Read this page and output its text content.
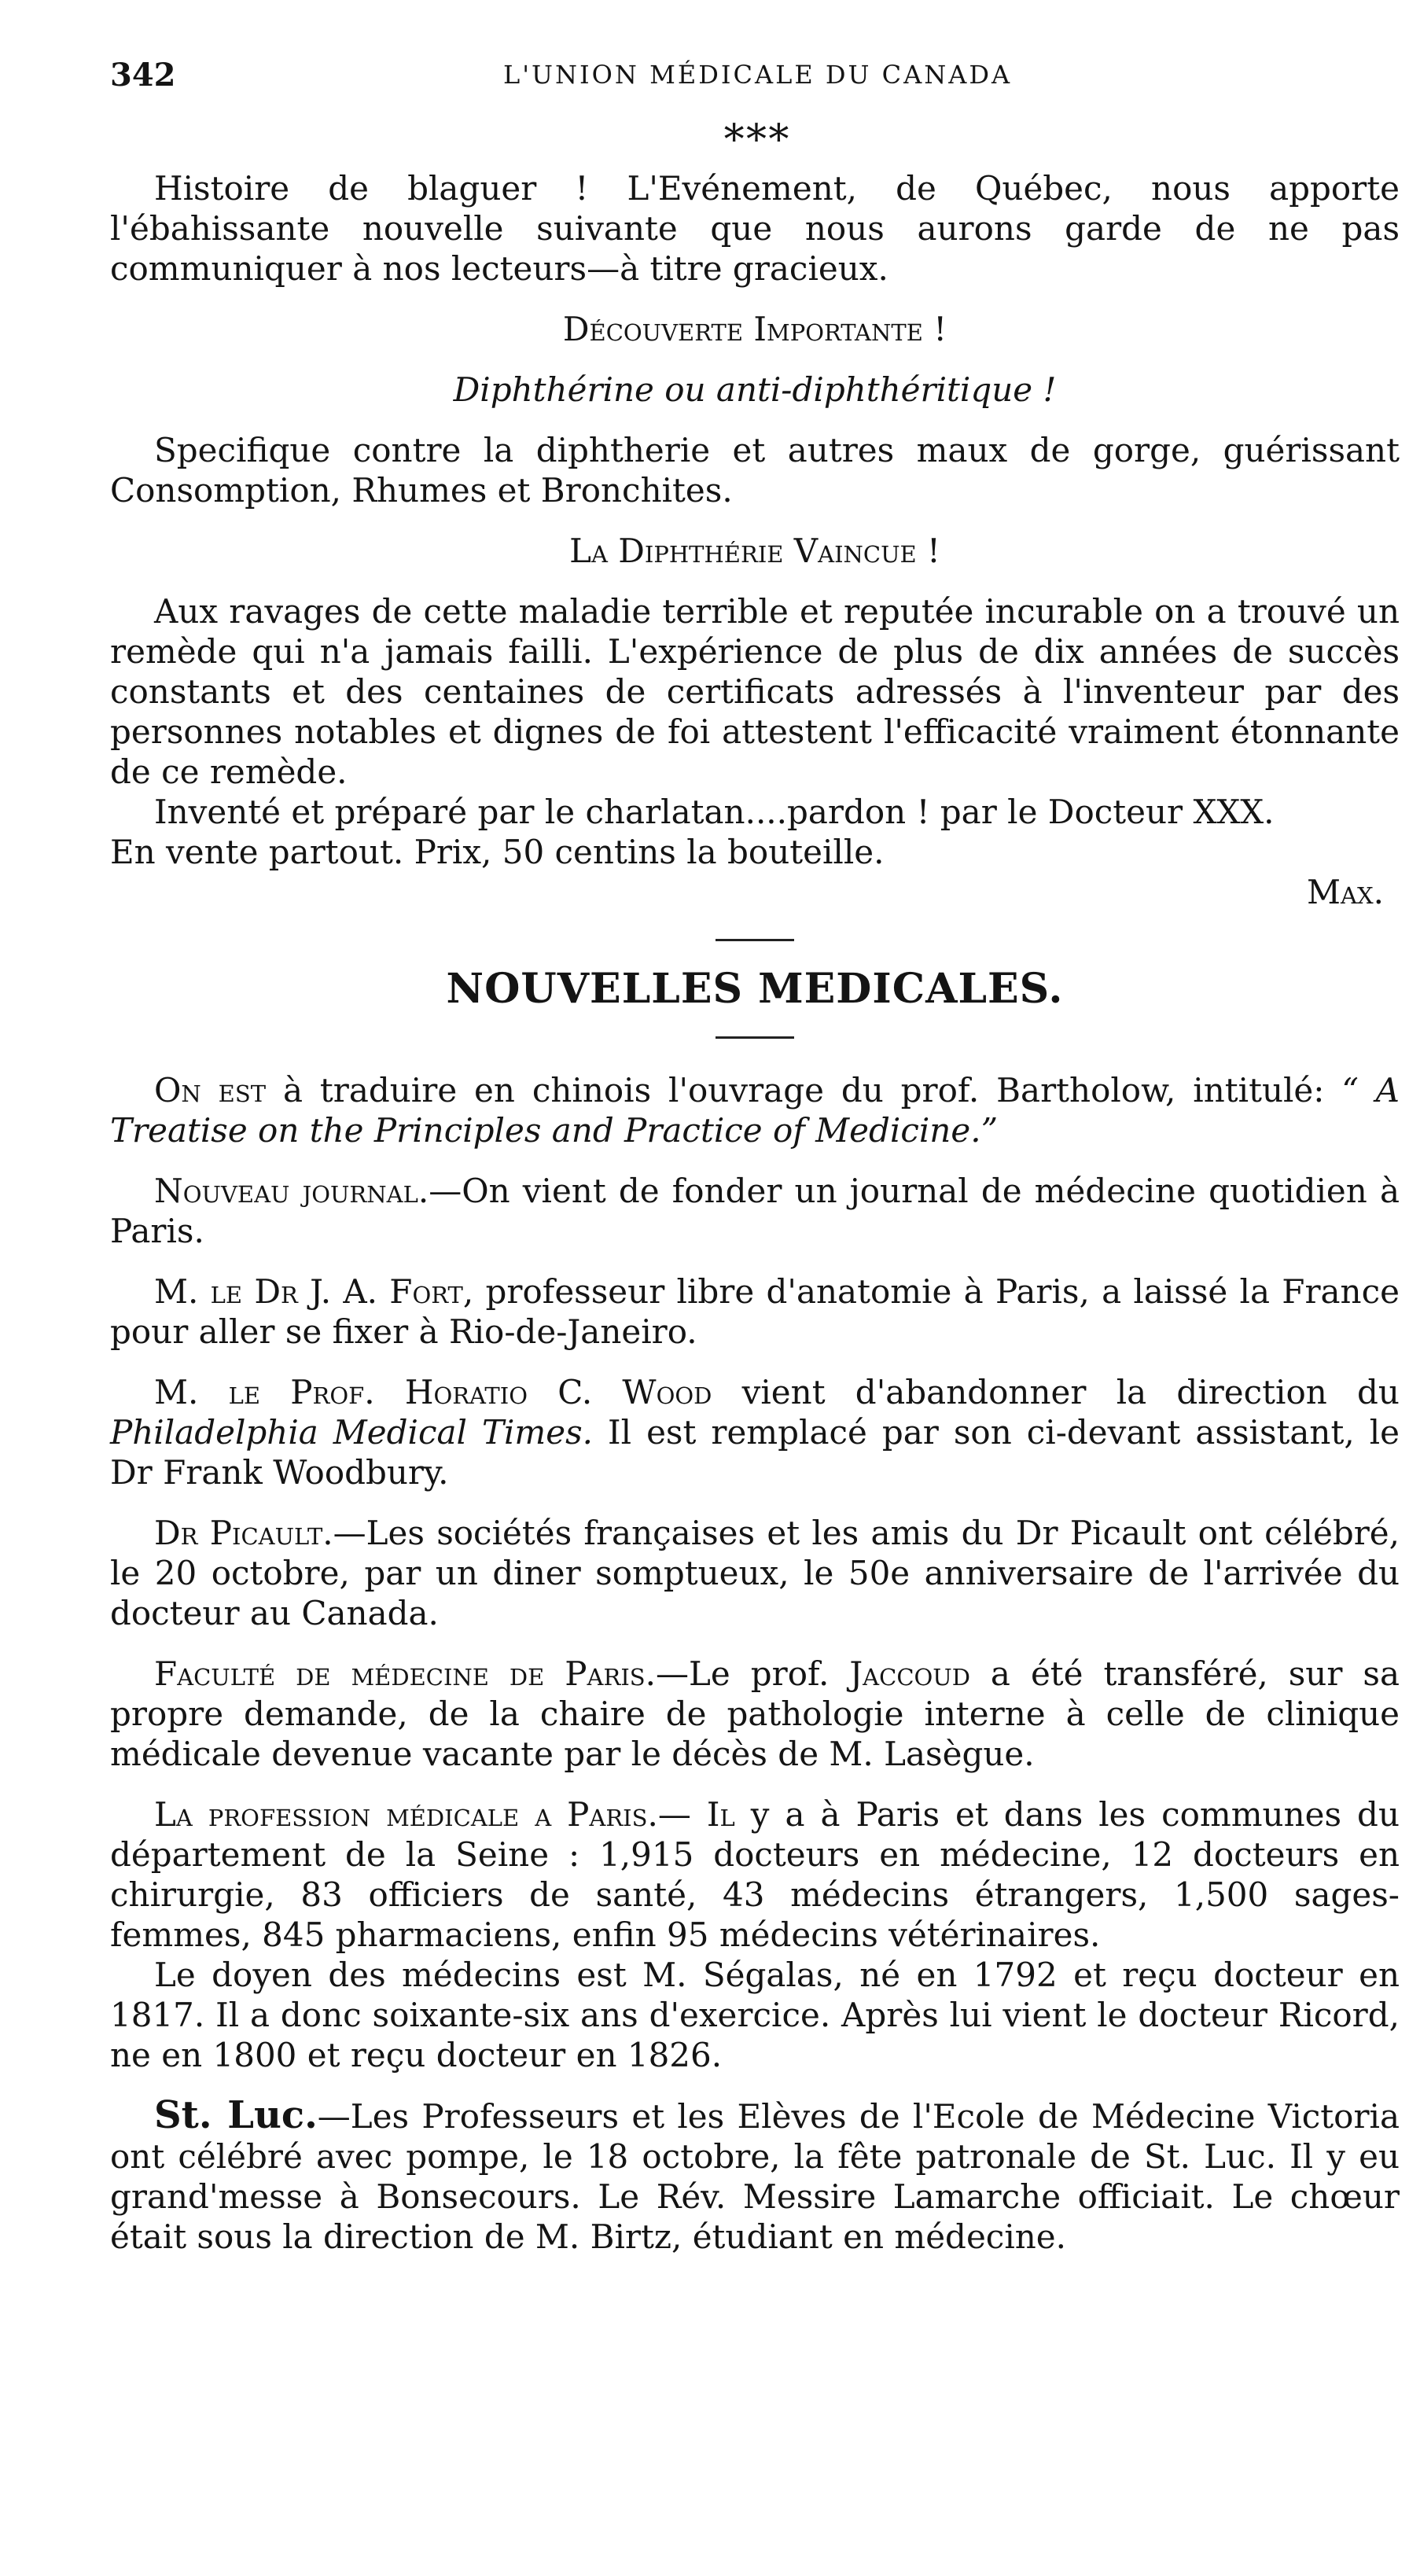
342	L'UNION MÉDICALE DU CANADA
* * *

Histoire de blaguer ! L'Evénement, de Québec, nous apporte l'ébahissante nouvelle suivante que nous aurons garde de ne pas communiquer à nos lecteurs—à titre gracieux.

Découverte Importante !

Diphthérine ou anti-diphthéritique !

Specifique contre la diphtherie et autres maux de gorge, guérissant Consomption, Rhumes et Bronchites.

La Diphthérie Vaincue !

Aux ravages de cette maladie terrible et reputée incurable on a trouvé un remède qui n'a jamais failli. L'expérience de plus de dix années de succès constants et des centaines de certificats adressés à l'inventeur par des personnes notables et dignes de foi attestent l'efficacité vraiment étonnante de ce remède.

Inventé et préparé par le charlatan....pardon ! par le Docteur XXX.

En vente partout. Prix, 50 centins la bouteille.

Max.

NOUVELLES MEDICALES.

On est à traduire en chinois l'ouvrage du prof. Bartholow, intitulé: “ A Treatise on the Principles and Practice of Medicine.”

Nouveau journal.—On vient de fonder un journal de médecine quotidien à Paris.

M. le Dr J. A. Fort, professeur libre d'anatomie à Paris, a laissé la France pour aller se fixer à Rio-de-Janeiro.

M. le Prof. Horatio C. Wood vient d'abandonner la direction du Philadelphia Medical Times. Il est remplacé par son ci-devant assistant, le Dr Frank Woodbury.

Dr Picault.—Les sociétés françaises et les amis du Dr Picault ont célébré, le 20 octobre, par un diner somptueux, le 50e anniversaire de l'arrivée du docteur au Canada.

Faculté de médecine de Paris.—Le prof. Jaccoud a été transféré, sur sa propre demande, de la chaire de pathologie interne à celle de clinique médicale devenue vacante par le décès de M. Lasègue.

La profession médicale a Paris.— Il y a à Paris et dans les communes du département de la Seine : 1,915 docteurs en médecine, 12 docteurs en chirurgie, 83 officiers de santé, 43 médecins étrangers, 1,500 sages-femmes, 845 pharmaciens, enfin 95 médecins vétérinaires.

Le doyen des médecins est M. Ségalas, né en 1792 et reçu docteur en 1817. Il a donc soixante-six ans d'exercice. Après lui vient le docteur Ricord, ne en 1800 et reçu docteur en 1826.

St. Luc.—Les Professeurs et les Elèves de l'Ecole de Médecine Victoria ont célébré avec pompe, le 18 octobre, la fête patronale de St. Luc. Il y eu grand'messe à Bonsecours. Le Rév. Messire Lamarche officiait. Le chœur était sous la direction de M. Birtz, étudiant en médecine.
